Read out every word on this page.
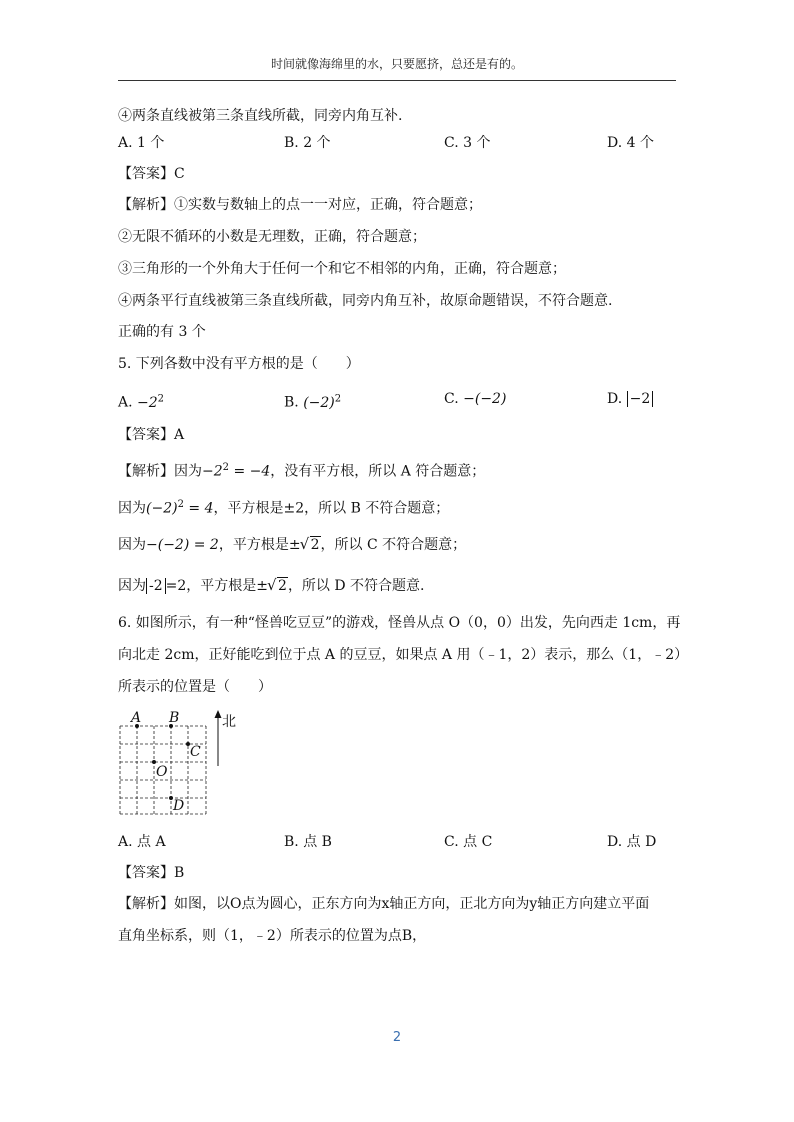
时间就像海绵里的水，只要愿挤，总还是有的。
④两条直线被第三条直线所截，同旁内角互补.
A. 1 个	B. 2 个	C. 3 个	D. 4 个
【答案】C
【解析】①实数与数轴上的点一一对应，正确，符合题意；
②无限不循环的小数是无理数，正确，符合题意；
③三角形的一个外角大于任何一个和它不相邻的内角，正确，符合题意；
④两条平行直线被第三条直线所截，同旁内角互补，故原命题错误，不符合题意.
正确的有 3 个
5. 下列各数中没有平方根的是（　　）
A. $-2^2$	B. $(-2)^2$	C. −(−2)	D. −2
【答案】A
【解析】因为$-2^2 = -4$，没有平方根，所以 A 符合题意；
因为$(-2)^2 = 4$，平方根是±2，所以 B 不符合题意；
因为−(−2) = 2，平方根是± √ 2，所以 C 不符合题意；
因为 -2 =2，平方根是± √ 2，所以 D 不符合题意.
6. 如图所示，有一种“怪兽吃豆豆”的游戏，怪兽从点 O（0，0）出发，先向西走 1cm，再
向北走 2cm，正好能吃到位于点 A 的豆豆，如果点 A 用（﹣1，2）表示，那么（1，﹣2）
所表示的位置是（　　）
北
A B
C
O
D
A. 点 A	B. 点 B	C. 点 C	D. 点 D
【答案】B
【解析】如图，以O点为圆心，正东方向为x轴正方向，正北方向为y轴正方向建立平面
直角坐标系，则（1，﹣2）所表示的位置为点B，
2
